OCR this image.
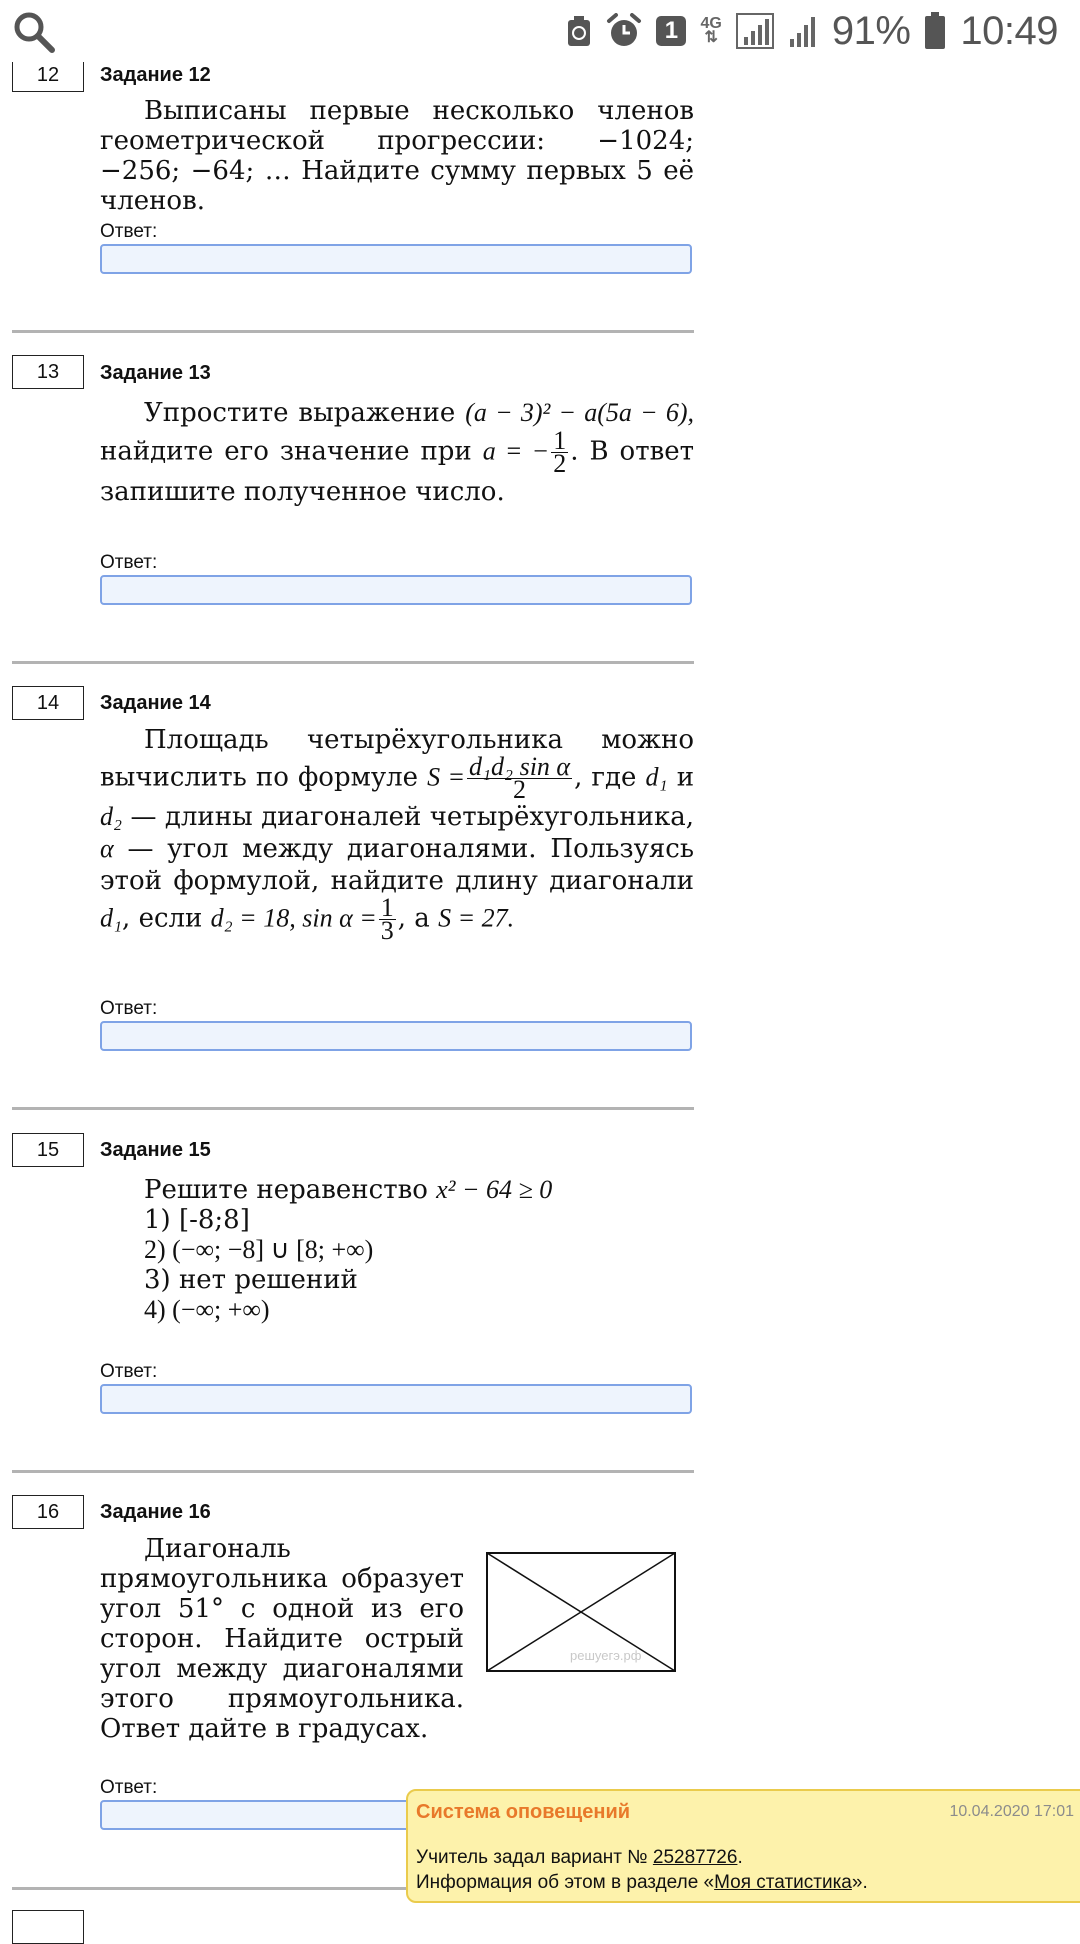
1	4G
⇅	91% 10:49
12	Задание 12
Выписаны первые несколько членов геометрической прогрессии: −1024; −256; −64; … Найдите сумму первых 5 её членов.
Ответ:
13	Задание 13
Упростите выражение (a − 3)² − a(5a − 6), найдите его значение при a = − $\frac{1}{2}$ . В ответ запишите полученное число.
Ответ:
14	Задание 14
Площадь четырёхугольника можно вычислить по формуле $S = \frac{\text{d₁d₂ sin α}}{2}$ , где d₁ и d₂ — длины диагоналей четырёхугольника, α — угол между диагоналями. Пользуясь этой формулой, найдите длину диагонали d₁, если d₂ = 18, $\sin \alpha = \frac{1}{3}$ , а S = 27.
Ответ:
15	Задание 15
Решите неравенство x² − 64 ≥ 0
1) [-8;8]
2) (−∞; −8] ∪ [8; +∞)
3) нет решений
4) (−∞; +∞)
Ответ:
16	Задание 16
Диагональ прямоугольника образует угол 51° с одной из его сторон. Найдите острый угол между диагоналями этого прямоугольника. Ответ дайте в градусах.
решуегэ.рф
Ответ:
17
Система оповещений	10.04.2020 17:01
Учитель задал вариант № 25287726.
Информация об этом в разделе «Моя статистика».
